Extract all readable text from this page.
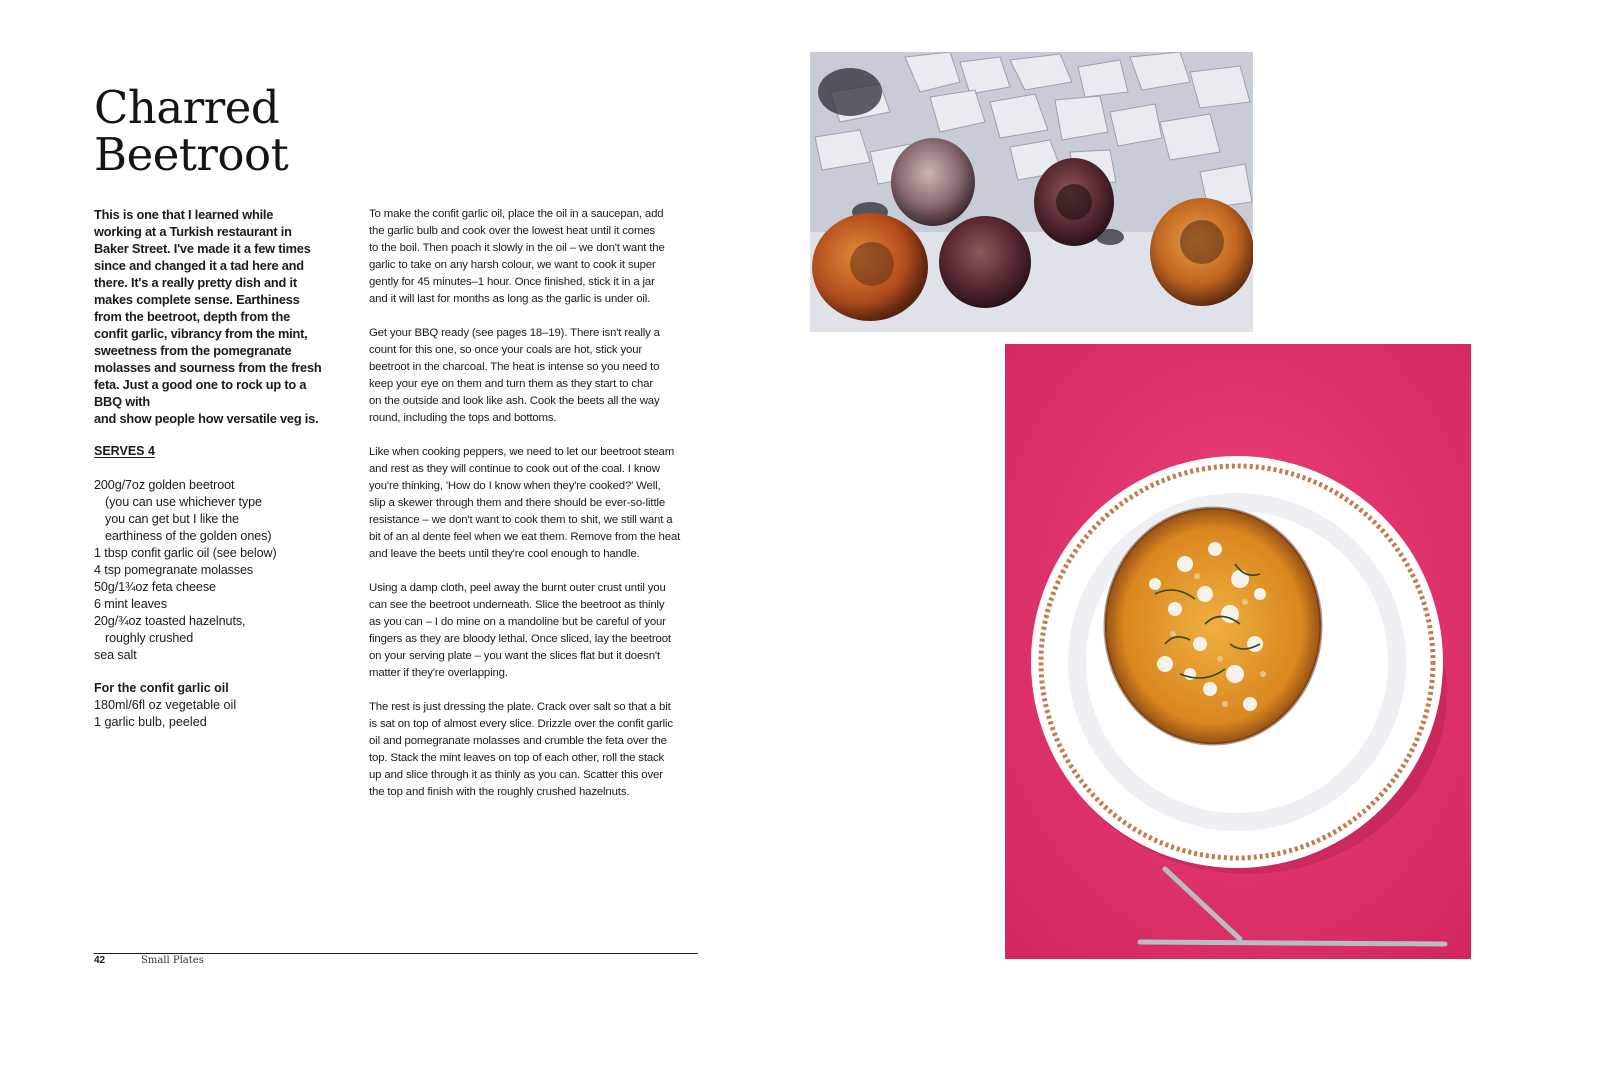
Charred
Beetroot

This is one that I learned while
working at a Turkish restaurant in
Baker Street. I've made it a few times
since and changed it a tad here and
there. It's a really pretty dish and it
makes complete sense. Earthiness
from the beetroot, depth from the
confit garlic, vibrancy from the mint,
sweetness from the pomegranate
molasses and sourness from the fresh
feta. Just a good one to rock up to a
BBQ with
and show people how versatile veg is.

SERVES 4

200g/7oz golden beetroot
(you can use whichever type
you can get but I like the
earthiness of the golden ones)
1 tbsp confit garlic oil (see below)
4 tsp pomegranate molasses
50g/1¾oz feta cheese
6 mint leaves
20g/¾oz toasted hazelnuts,
roughly crushed
sea salt

For the confit garlic oil

180ml/6fl oz vegetable oil
1 garlic bulb, peeled

To make the confit garlic oil, place the oil in a saucepan, add
the garlic bulb and cook over the lowest heat until it comes
to the boil. Then poach it slowly in the oil – we don't want the
garlic to take on any harsh colour, we want to cook it super
gently for 45 minutes–1 hour. Once finished, stick it in a jar
and it will last for months as long as the garlic is under oil.

Get your BBQ ready (see pages 18–19). There isn't really a
count for this one, so once your coals are hot, stick your
beetroot in the charcoal. The heat is intense so you need to
keep your eye on them and turn them as they start to char
on the outside and look like ash. Cook the beets all the way
round, including the tops and bottoms.

Like when cooking peppers, we need to let our beetroot steam
and rest as they will continue to cook out of the coal. I know
you're thinking, 'How do I know when they're cooked?' Well,
slip a skewer through them and there should be ever-so-little
resistance – we don't want to cook them to shit, we still want a
bit of an al dente feel when we eat them. Remove from the heat
and leave the beets until they're cool enough to handle.

Using a damp cloth, peel away the burnt outer crust until you
can see the beetroot underneath. Slice the beetroot as thinly
as you can – I do mine on a mandoline but be careful of your
fingers as they are bloody lethal. Once sliced, lay the beetroot
on your serving plate – you want the slices flat but it doesn't
matter if they're overlapping.

The rest is just dressing the plate. Crack over salt so that a bit
is sat on top of almost every slice. Drizzle over the confit garlic
oil and pomegranate molasses and crumble the feta over the
top. Stack the mint leaves on top of each other, roll the stack
up and slice through it as thinly as you can. Scatter this over
the top and finish with the roughly crushed hazelnuts.

42	Small Plates
